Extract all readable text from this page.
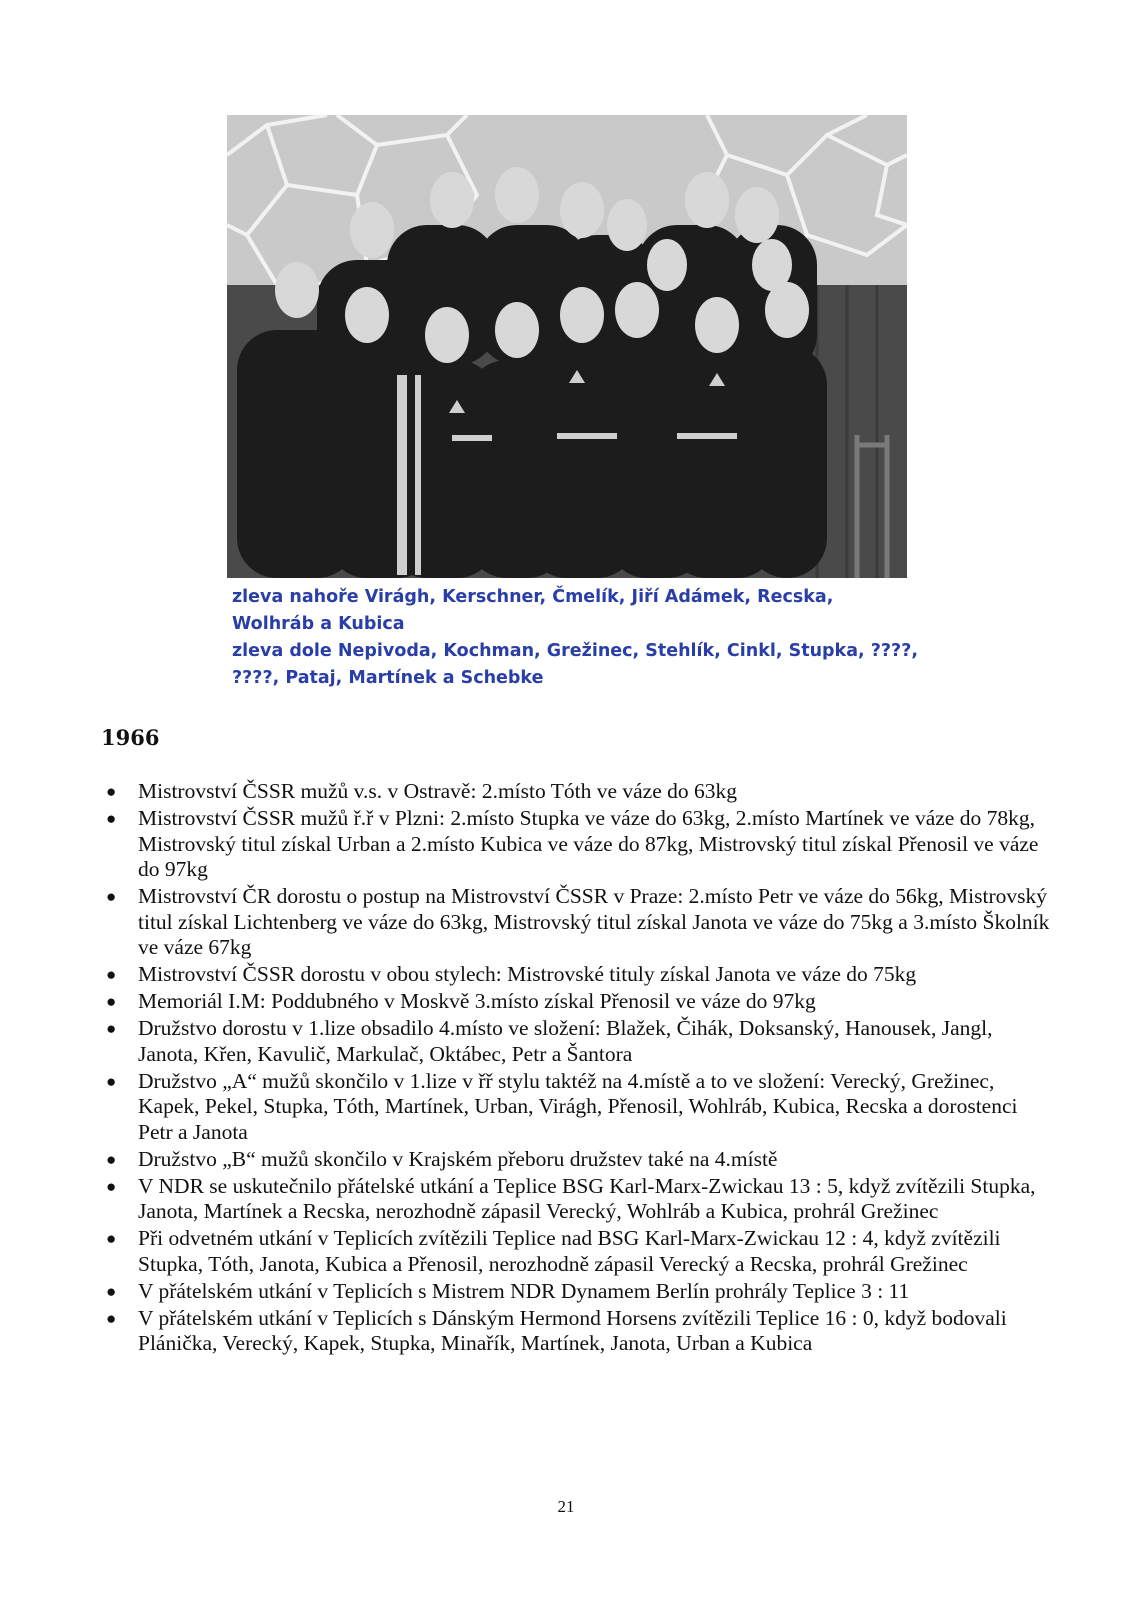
zleva nahoře Virágh, Kerschner, Čmelík, Jiří Adámek, Recska,

Wolhráb a Kubica

zleva dole Nepivoda, Kochman, Grežinec, Stehlík, Cinkl, Stupka, ????,

????, Pataj, Martínek a Schebke

1966
● Mistrovství ČSSR mužů v.s. v Ostravě: 2.místo Tóth ve váze do 63kg
● Mistrovství ČSSR mužů ř.ř v Plzni: 2.místo Stupka ve váze do 63kg, 2.místo Martínek ve váze do 78kg, Mistrovský titul získal Urban a 2.místo Kubica ve váze do 87kg, Mistrovský titul získal Přenosil ve váze do 97kg
● Mistrovství ČR dorostu o postup na Mistrovství ČSSR v Praze: 2.místo Petr ve váze do 56kg, Mistrovský titul získal Lichtenberg ve váze do 63kg, Mistrovský titul získal Janota ve váze do 75kg a 3.místo Školník ve váze 67kg
● Mistrovství ČSSR dorostu v obou stylech: Mistrovské tituly získal Janota ve váze do 75kg
● Memoriál I.M: Poddubného v Moskvě 3.místo získal Přenosil ve váze do 97kg
● Družstvo dorostu v 1.lize obsadilo 4.místo ve složení: Blažek, Čihák, Doksanský, Hanousek, Jangl, Janota, Křen, Kavulič, Markulač, Oktábec, Petr a Šantora
● Družstvo „A“ mužů skončilo v 1.lize v řř stylu taktéž na 4.místě a to ve složení: Verecký, Grežinec, Kapek, Pekel, Stupka, Tóth, Martínek, Urban, Virágh, Přenosil, Wohlráb, Kubica, Recska a dorostenci Petr a Janota
● Družstvo „B“ mužů skončilo v Krajském přeboru družstev také na 4.místě
● V NDR se uskutečnilo přátelské utkání a Teplice BSG Karl-Marx-Zwickau 13 : 5, když zvítězili Stupka, Janota, Martínek a Recska, nerozhodně zápasil Verecký, Wohlráb a Kubica, prohrál Grežinec
● Při odvetném utkání v Teplicích zvítězili Teplice nad BSG Karl-Marx-Zwickau 12 : 4, když zvítězili Stupka, Tóth, Janota, Kubica a Přenosil, nerozhodně zápasil Verecký a Recska, prohrál Grežinec
● V přátelském utkání v Teplicích s Mistrem NDR Dynamem Berlín prohrály Teplice 3 : 11
● V přátelském utkání v Teplicích s Dánským Hermond Horsens zvítězili Teplice 16 : 0, když bodovali Plánička, Verecký, Kapek, Stupka, Minařík, Martínek, Janota, Urban a Kubica

21
